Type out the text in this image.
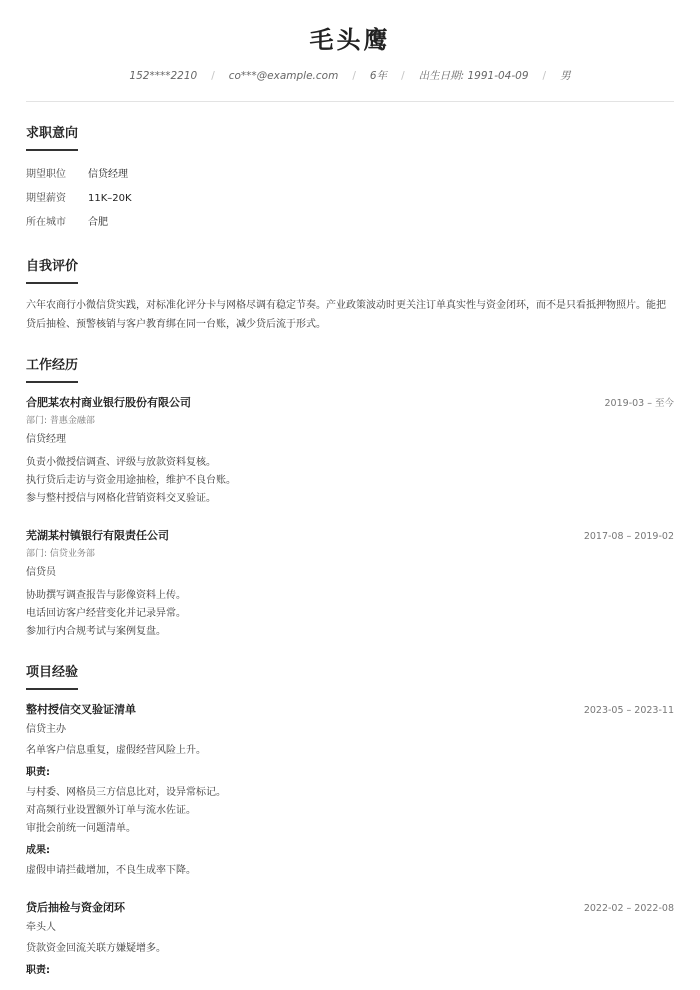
毛头鹰
152****2210 / co***@example.com / 6年 / 出生日期: 1991-04-09 / 男
求职意向
期望职位	信贷经理
期望薪资	11K–20K
所在城市	合肥
自我评价
六年农商行小微信贷实践，对标准化评分卡与网格尽调有稳定节奏。产业政策波动时更关注订单真实性与资金闭环，而不是只看抵押物照片。能把贷后抽检、预警核销与客户教育绑在同一台账，减少贷后流于形式。
工作经历
合肥某农村商业银行股份有限公司	2019-03 – 至今
部门: 普惠金融部
信贷经理
负责小微授信调查、评级与放款资料复核。
执行贷后走访与资金用途抽检，维护不良台账。
参与整村授信与网格化营销资料交叉验证。
芜湖某村镇银行有限责任公司	2017-08 – 2019-02
部门: 信贷业务部
信贷员
协助撰写调查报告与影像资料上传。
电话回访客户经营变化并记录异常。
参加行内合规考试与案例复盘。
项目经验
整村授信交叉验证清单	2023-05 – 2023-11
信贷主办
名单客户信息重复，虚假经营风险上升。
职责:
与村委、网格员三方信息比对，设异常标记。
对高频行业设置额外订单与流水佐证。
审批会前统一问题清单。
成果:
虚假申请拦截增加，不良生成率下降。
贷后抽检与资金闭环	2022-02 – 2022-08
牵头人
贷款资金回流关联方嫌疑增多。
职责:
